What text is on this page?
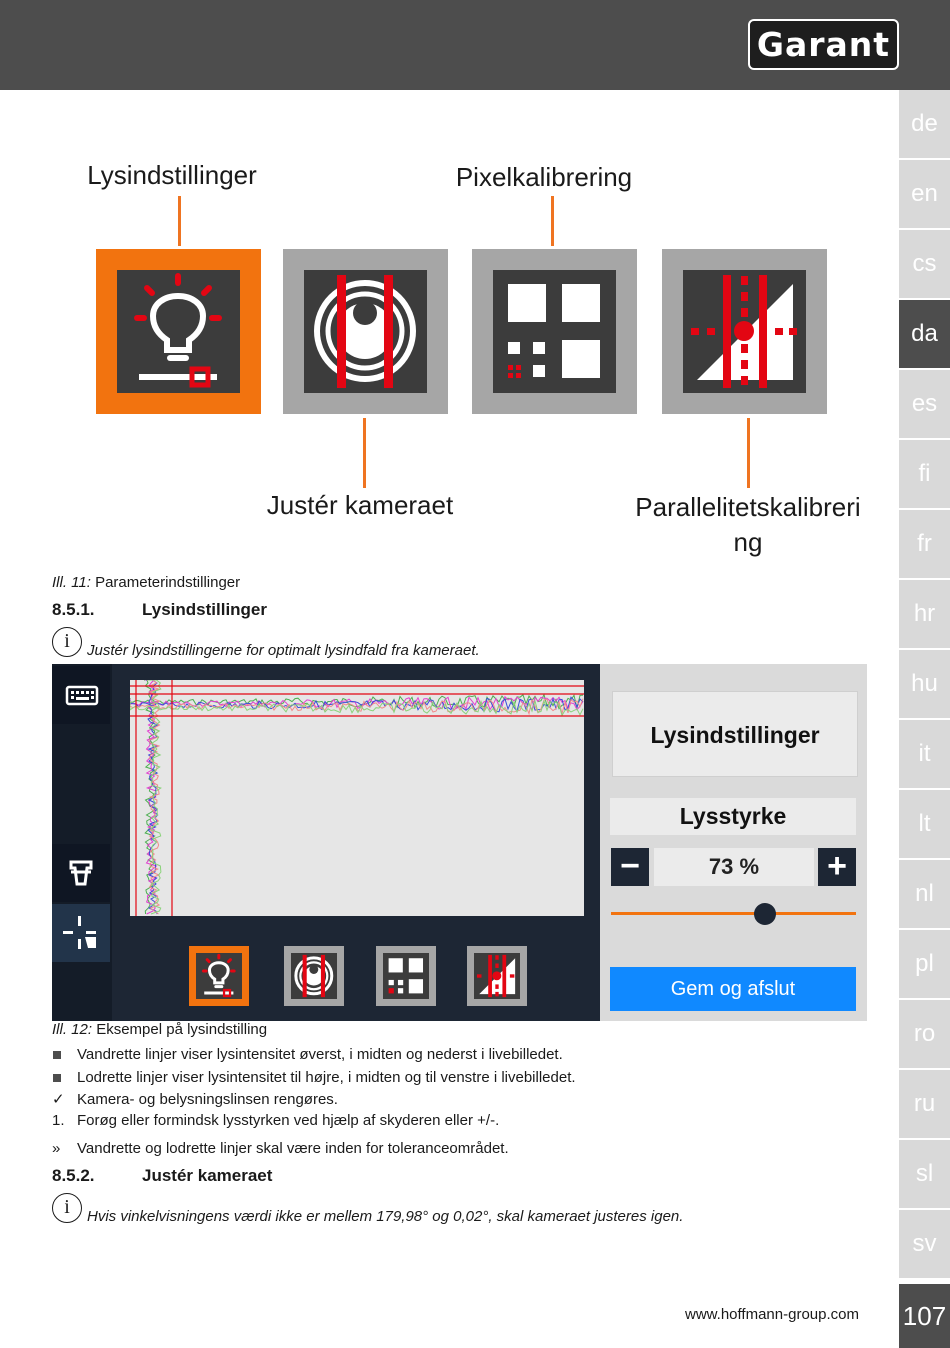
Garant
de
en
cs
da
es
fi
fr
hr
hu
it
lt
nl
pl
ro
ru
sl
sv
107
Lysindstillinger	Pixelkalibrering
Justér kameraet	Parallelitetskalibreri
ng
Ill. 11: Parameterindstillinger
8.5.1.	Lysindstillinger
i	Justér lysindstillingerne for optimalt lysindfald fra kameraet.
Lysindstillinger
Lysstyrke
−	73 %	+
Gem og afslut
Ill. 12: Eksempel på lysindstilling
Vandrette linjer viser lysintensitet øverst, i midten og nederst i livebilledet.
Lodrette linjer viser lysintensitet til højre, i midten og til venstre i livebilledet.
✓ Kamera- og belysningslinsen rengøres.
1. Forøg eller formindsk lysstyrken ved hjælp af skyderen eller +/-.
» Vandrette og lodrette linjer skal være inden for toleranceområdet.
8.5.2.	Justér kameraet
i	Hvis vinkelvisningens værdi ikke er mellem 179,98° og 0,02°, skal kameraet justeres igen.
www.hoffmann-group.com
